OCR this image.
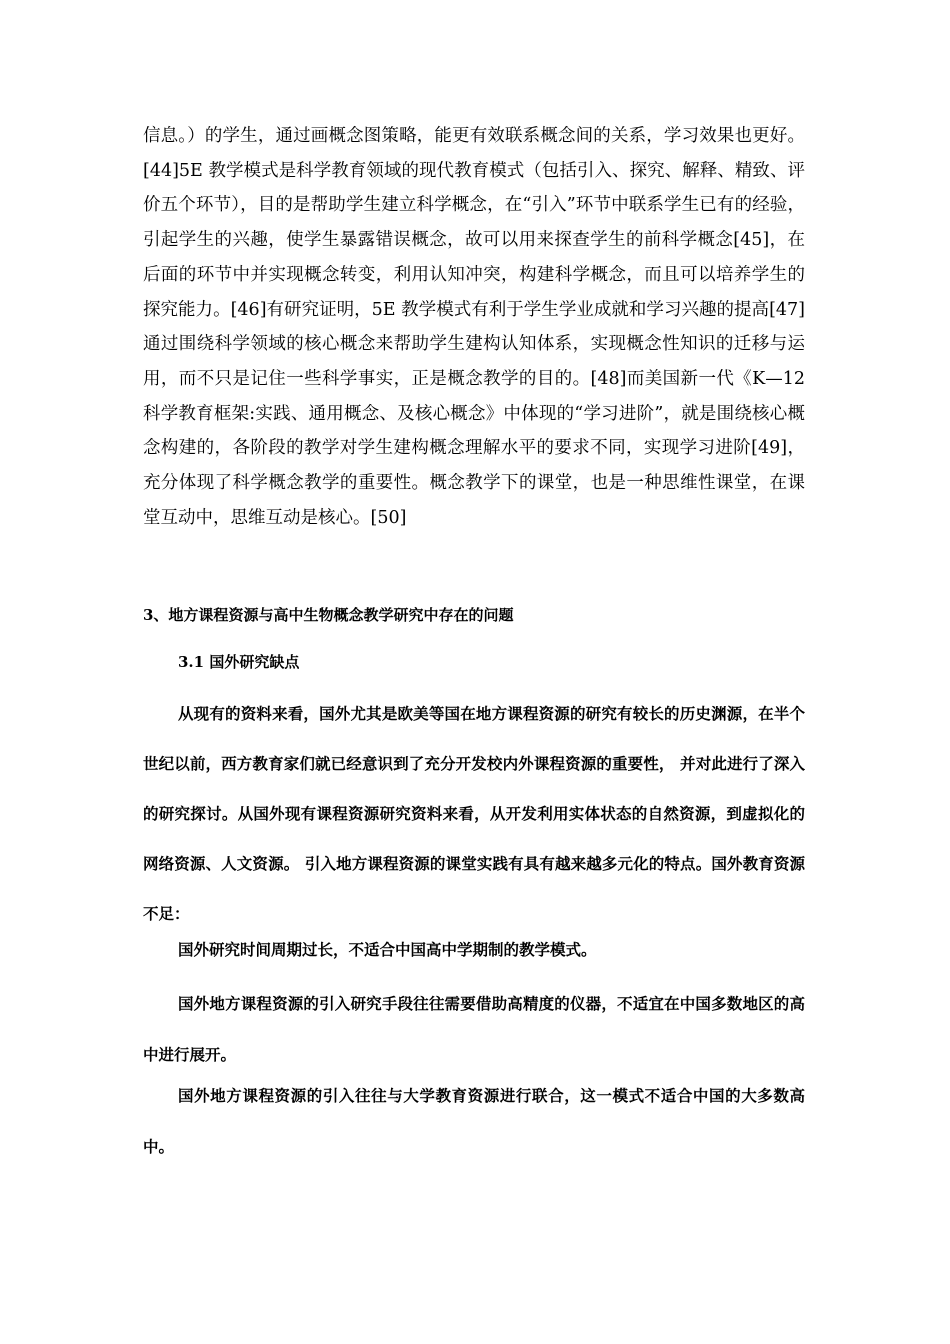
信息。）的学生，通过画概念图策略，能更有效联系概念间的关系，学习效果也更好。[44]5E 教学模式是科学教育领域的现代教育模式（包括引入、探究、解释、精致、评价五个环节），目的是帮助学生建立科学概念，在“引入”环节中联系学生已有的经验，引起学生的兴趣，使学生暴露错误概念，故可以用来探查学生的前科学概念[45]，在后面的环节中并实现概念转变，利用认知冲突，构建科学概念，而且可以培养学生的探究能力。[46]有研究证明，5E 教学模式有利于学生学业成就和学习兴趣的提高[47]通过围绕科学领域的核心概念来帮助学生建构认知体系，实现概念性知识的迁移与运用，而不只是记住一些科学事实，正是概念教学的目的。[48]而美国新一代《K—12 科学教育框架:实践、通用概念、及核心概念》中体现的“学习进阶”，就是围绕核心概念构建的，各阶段的教学对学生建构概念理解水平的要求不同，实现学习进阶[49]，充分体现了科学概念教学的重要性。概念教学下的课堂，也是一种思维性课堂，在课堂互动中，思维互动是核心。[50]

3、地方课程资源与高中生物概念教学研究中存在的问题
3.1 国外研究缺点

从现有的资料来看，国外尤其是欧美等国在地方课程资源的研究有较长的历史渊源，在半个世纪以前，西方教育家们就已经意识到了充分开发校内外课程资源的重要性， 并对此进行了深入的研究探讨。从国外现有课程资源研究资料来看，从开发利用实体状态的自然资源，到虚拟化的网络资源、人文资源。 引入地方课程资源的课堂实践有具有越来越多元化的特点。国外教育资源不足：

国外研究时间周期过长，不适合中国高中学期制的教学模式。

国外地方课程资源的引入研究手段往往需要借助高精度的仪器，不适宜在中国多数地区的高中进行展开。

国外地方课程资源的引入往往与大学教育资源进行联合，这一模式不适合中国的大多数高中。
